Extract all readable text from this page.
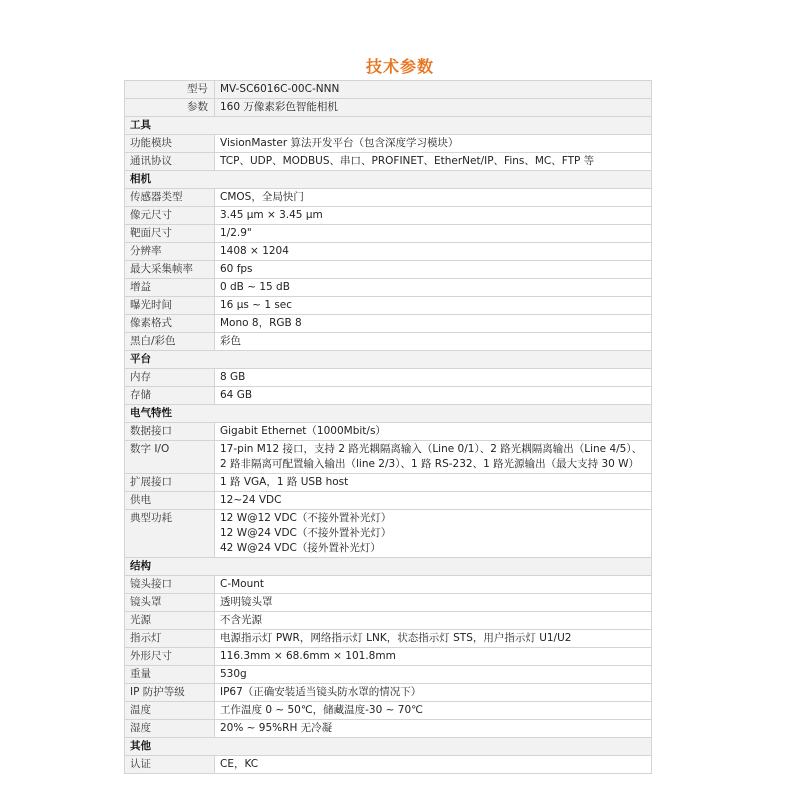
技术参数
型号	MV-SC6016C-00C-NNN
参数	160 万像素彩色智能相机
工具	
功能模块	VisionMaster 算法开发平台（包含深度学习模块）

通讯协议	TCP、UDP、MODBUS、串口、PROFINET、EtherNet/IP、Fins、MC、FTP 等

相机	
传感器类型	CMOS，全局快门

像元尺寸	3.45 μm × 3.45 μm

靶面尺寸	1/2.9"

分辨率	1408 × 1204

最大采集帧率	60 fps

增益	0 dB ~ 15 dB

曝光时间	16 μs ~ 1 sec

像素格式	Mono 8，RGB 8

黑白/彩色	彩色

平台	
内存	8 GB

存储	64 GB

电气特性	
数据接口	Gigabit Ethernet（1000Mbit/s）

数字 I/O	17-pin M12 接口，支持 2 路光耦隔离输入（Line 0/1）、2 路光耦隔离输出（Line 4/5）、
2 路非隔离可配置输入输出（line 2/3）、1 路 RS-232、1 路光源输出（最大支持 30 W）

扩展接口	1 路 VGA，1 路 USB host

供电	12~24 VDC

典型功耗	12 W@12 VDC（不接外置补光灯）
12 W@24 VDC（不接外置补光灯）
42 W@24 VDC（接外置补光灯）

结构	
镜头接口	C-Mount

镜头罩	透明镜头罩

光源	不含光源

指示灯	电源指示灯 PWR，网络指示灯 LNK，状态指示灯 STS，用户指示灯 U1/U2

外形尺寸	116.3mm × 68.6mm × 101.8mm

重量	530g

IP 防护等级	IP67（正确安装适当镜头防水罩的情况下）

温度	工作温度 0 ~ 50℃，储藏温度-30 ~ 70℃

湿度	20% ~ 95%RH 无冷凝

其他	
认证	CE，KC
